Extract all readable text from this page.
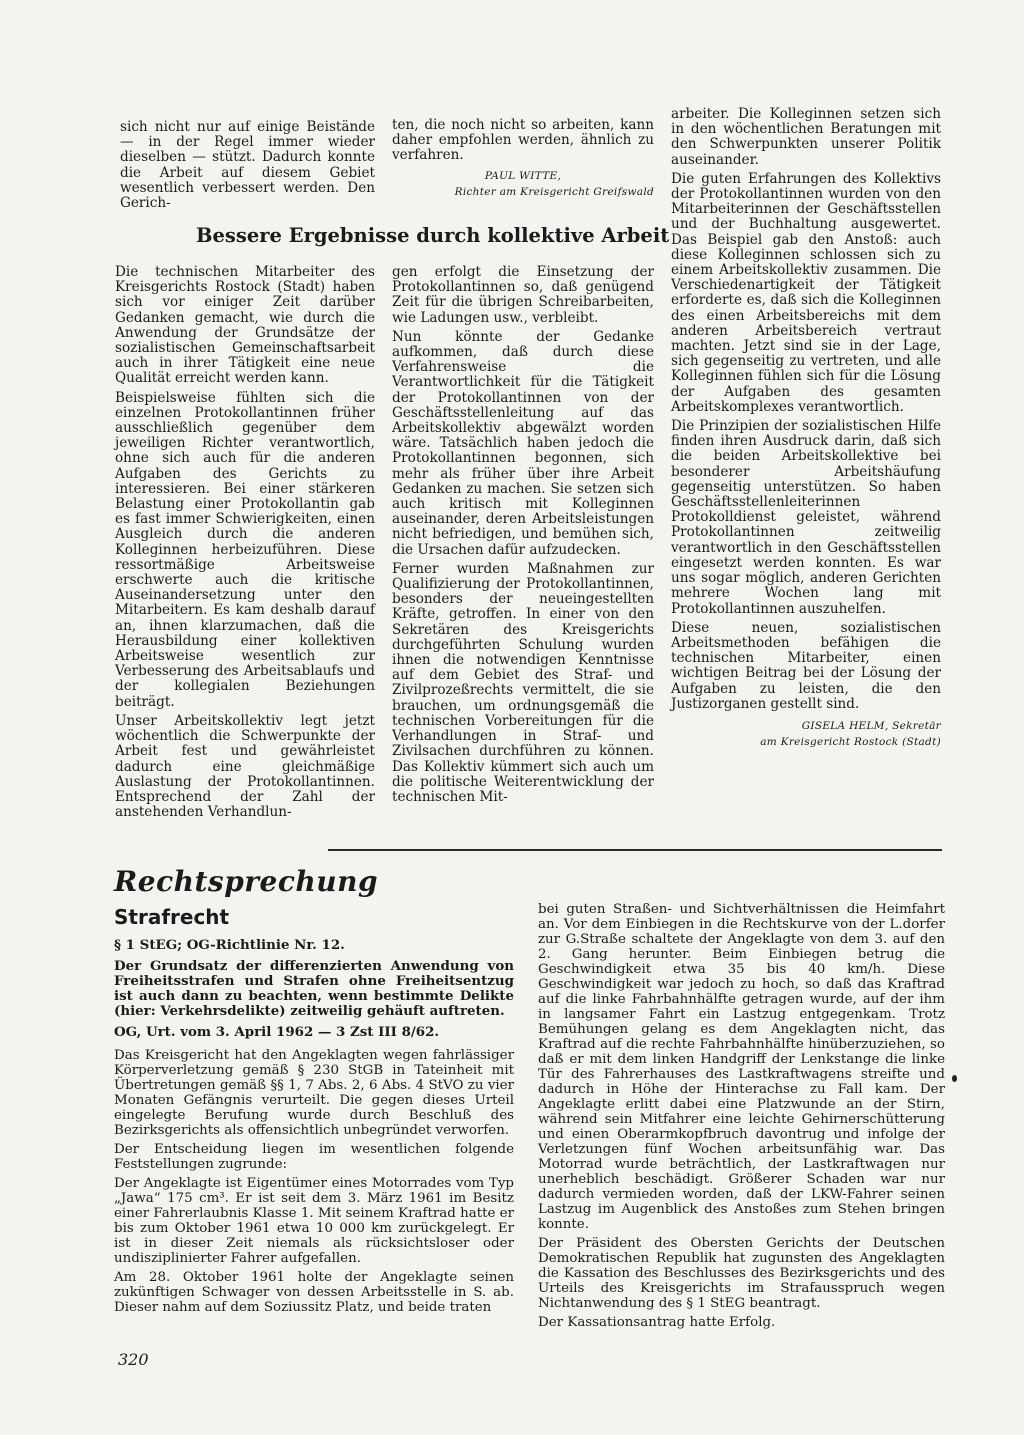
sich nicht nur auf einige Beistände — in der Regel immer wieder dieselben — stützt. Dadurch konnte die Arbeit auf diesem Gebiet wesentlich verbessert werden. Den Gerich-

ten, die noch nicht so arbeiten, kann daher empfohlen werden, ähnlich zu verfahren.

PAUL WITTE,

Richter am Kreisgericht Greifswald

arbeiter. Die Kolleginnen setzen sich in den wöchentlichen Beratungen mit den Schwerpunkten unserer Politik auseinander.

Die guten Erfahrungen des Kollektivs der Protokollantinnen wurden von den Mitarbeiterinnen der Geschäftsstellen und der Buchhaltung ausgewertet. Das Beispiel gab den Anstoß: auch diese Kolleginnen schlossen sich zu einem Arbeitskollektiv zusammen. Die Verschiedenartigkeit der Tätigkeit erforderte es, daß sich die Kolleginnen des einen Arbeitsbereichs mit dem anderen Arbeitsbereich vertraut machten. Jetzt sind sie in der Lage, sich gegenseitig zu vertreten, und alle Kolleginnen fühlen sich für die Lösung der Aufgaben des gesamten Arbeitskomplexes verantwortlich.

Die Prinzipien der sozialistischen Hilfe finden ihren Ausdruck darin, daß sich die beiden Arbeitskollektive bei besonderer Arbeitshäufung gegenseitig unterstützen. So haben Geschäftsstellenleiterinnen Protokolldienst geleistet, während Protokollantinnen zeitweilig verantwortlich in den Geschäftsstellen eingesetzt werden konnten. Es war uns sogar möglich, anderen Gerichten mehrere Wochen lang mit Protokollantinnen auszuhelfen.

Diese neuen, sozialistischen Arbeitsmethoden befähigen die technischen Mitarbeiter, einen wichtigen Beitrag bei der Lösung der Aufgaben zu leisten, die den Justizorganen gestellt sind.

GISELA HELM, Sekretär

am Kreisgericht Rostock (Stadt)

Bessere Ergebnisse durch kollektive Arbeit

Die technischen Mitarbeiter des Kreisgerichts Rostock (Stadt) haben sich vor einiger Zeit darüber Gedanken gemacht, wie durch die Anwendung der Grundsätze der sozialistischen Gemeinschaftsarbeit auch in ihrer Tätigkeit eine neue Qualität erreicht werden kann.

Beispielsweise fühlten sich die einzelnen Protokollantinnen früher ausschließlich gegenüber dem jeweiligen Richter verantwortlich, ohne sich auch für die anderen Aufgaben des Gerichts zu interessieren. Bei einer stärkeren Belastung einer Protokollantin gab es fast immer Schwierigkeiten, einen Ausgleich durch die anderen Kolleginnen herbeizuführen. Diese ressortmäßige Arbeitsweise erschwerte auch die kritische Auseinandersetzung unter den Mitarbeitern. Es kam deshalb darauf an, ihnen klarzumachen, daß die Herausbildung einer kollektiven Arbeitsweise wesentlich zur Verbesserung des Arbeitsablaufs und der kollegialen Beziehungen beiträgt.

Unser Arbeitskollektiv legt jetzt wöchentlich die Schwerpunkte der Arbeit fest und gewährleistet dadurch eine gleichmäßige Auslastung der Protokollantinnen. Entsprechend der Zahl der anstehenden Verhandlun-

gen erfolgt die Einsetzung der Protokollantinnen so, daß genügend Zeit für die übrigen Schreibarbeiten, wie Ladungen usw., verbleibt.

Nun könnte der Gedanke aufkommen, daß durch diese Verfahrensweise die Verantwortlichkeit für die Tätigkeit der Protokollantinnen von der Geschäftsstellenleitung auf das Arbeitskollektiv abgewälzt worden wäre. Tatsächlich haben jedoch die Protokollantinnen begonnen, sich mehr als früher über ihre Arbeit Gedanken zu machen. Sie setzen sich auch kritisch mit Kolleginnen auseinander, deren Arbeitsleistungen nicht befriedigen, und bemühen sich, die Ursachen dafür aufzudecken.

Ferner wurden Maßnahmen zur Qualifizierung der Protokollantinnen, besonders der neueingestellten Kräfte, getroffen. In einer von den Sekretären des Kreisgerichts durchgeführten Schulung wurden ihnen die notwendigen Kenntnisse auf dem Gebiet des Straf- und Zivilprozeßrechts vermittelt, die sie brauchen, um ordnungsgemäß die technischen Vorbereitungen für die Verhandlungen in Straf- und Zivilsachen durchführen zu können. Das Kollektiv kümmert sich auch um die politische Weiterentwicklung der technischen Mit-

Rechtsprechung
Strafrecht

§ 1 StEG; OG-Richtlinie Nr. 12.

Der Grundsatz der differenzierten Anwendung von Freiheitsstrafen und Strafen ohne Freiheitsentzug ist auch dann zu beachten, wenn bestimmte Delikte (hier: Verkehrsdelikte) zeitweilig gehäuft auftreten.

OG, Urt. vom 3. April 1962 — 3 Zst III 8/62.

Das Kreisgericht hat den Angeklagten wegen fahrlässiger Körperverletzung gemäß § 230 StGB in Tateinheit mit Übertretungen gemäß §§ 1, 7 Abs. 2, 6 Abs. 4 StVO zu vier Monaten Gefängnis verurteilt. Die gegen dieses Urteil eingelegte Berufung wurde durch Beschluß des Bezirksgerichts als offensichtlich unbegründet verworfen.

Der Entscheidung liegen im wesentlichen folgende Feststellungen zugrunde:

Der Angeklagte ist Eigentümer eines Motorrades vom Typ „Jawa“ 175 cm³. Er ist seit dem 3. März 1961 im Besitz einer Fahrerlaubnis Klasse 1. Mit seinem Kraftrad hatte er bis zum Oktober 1961 etwa 10 000 km zurückgelegt. Er ist in dieser Zeit niemals als rücksichtsloser oder undisziplinierter Fahrer aufgefallen.

Am 28. Oktober 1961 holte der Angeklagte seinen zukünftigen Schwager von dessen Arbeitsstelle in S. ab. Dieser nahm auf dem Soziussitz Platz, und beide traten

bei guten Straßen- und Sichtverhältnissen die Heimfahrt an. Vor dem Einbiegen in die Rechtskurve von der L.dorfer zur G.Straße schaltete der Angeklagte von dem 3. auf den 2. Gang herunter. Beim Einbiegen betrug die Geschwindigkeit etwa 35 bis 40 km/h. Diese Geschwindigkeit war jedoch zu hoch, so daß das Kraftrad auf die linke Fahrbahnhälfte getragen wurde, auf der ihm in langsamer Fahrt ein Lastzug entgegenkam. Trotz Bemühungen gelang es dem Angeklagten nicht, das Kraftrad auf die rechte Fahrbahnhälfte hinüberzuziehen, so daß er mit dem linken Handgriff der Lenkstange die linke Tür des Fahrerhauses des Lastkraftwagens streifte und dadurch in Höhe der Hinterachse zu Fall kam. Der Angeklagte erlitt dabei eine Platzwunde an der Stirn, während sein Mitfahrer eine leichte Gehirnerschütterung und einen Oberarmkopfbruch davontrug und infolge der Verletzungen fünf Wochen arbeitsunfähig war. Das Motorrad wurde beträchtlich, der Lastkraftwagen nur unerheblich beschädigt. Größerer Schaden war nur dadurch vermieden worden, daß der LKW-Fahrer seinen Lastzug im Augenblick des Anstoßes zum Stehen bringen konnte.

Der Präsident des Obersten Gerichts der Deutschen Demokratischen Republik hat zugunsten des Angeklagten die Kassation des Beschlusses des Bezirksgerichts und des Urteils des Kreisgerichts im Strafausspruch wegen Nichtanwendung des § 1 StEG beantragt.

Der Kassationsantrag hatte Erfolg.

320
